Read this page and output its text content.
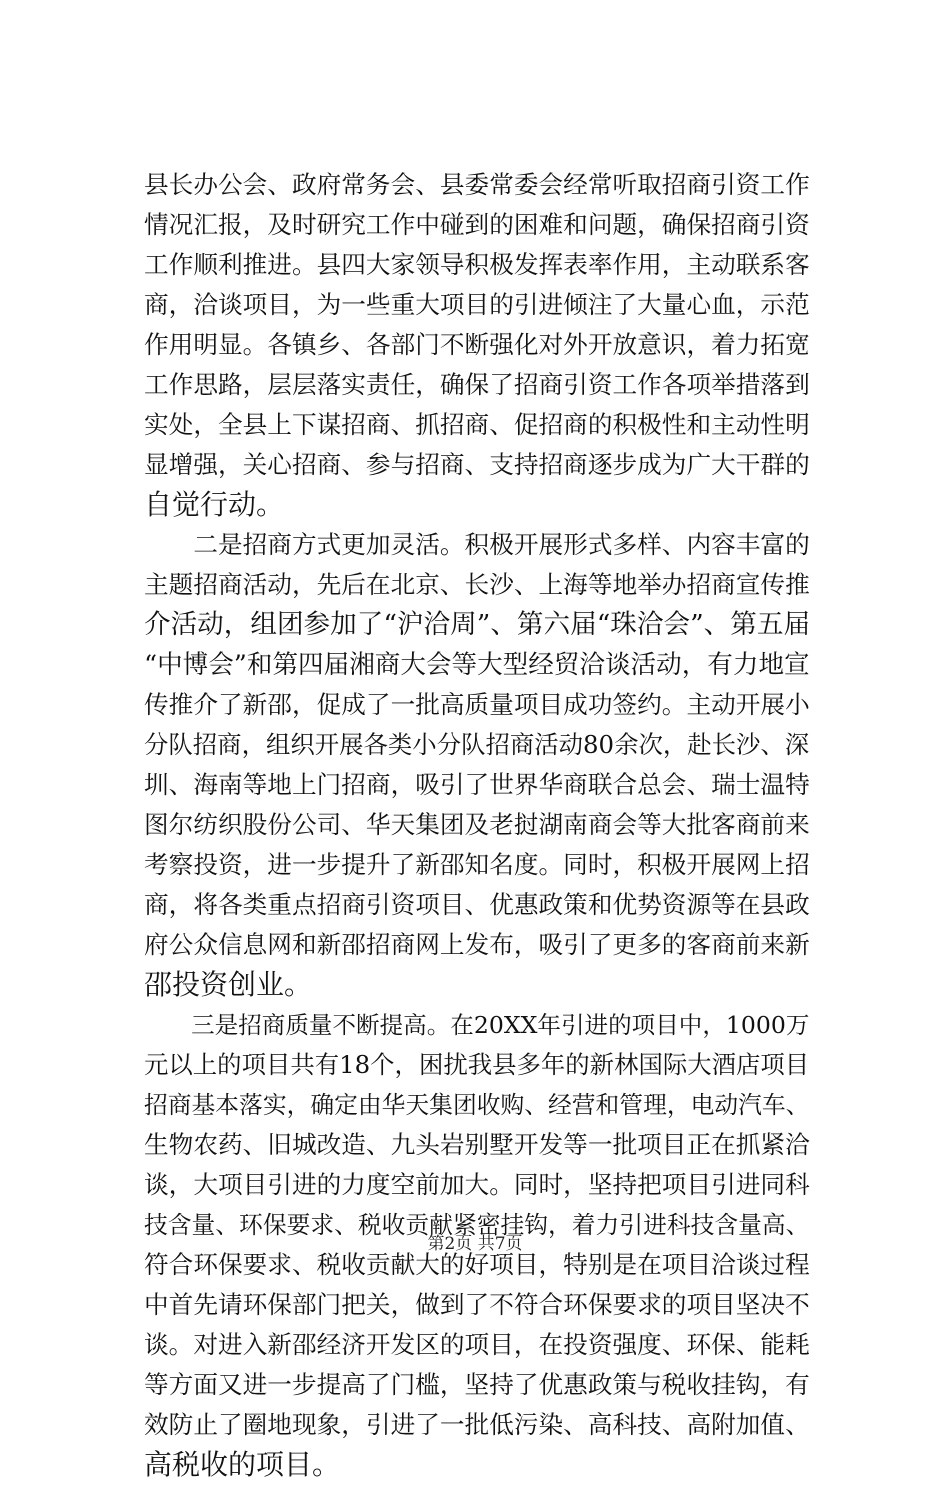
县长办公会、政府常务会、县委常委会经常听取招商引资工作
情况汇报，及时研究工作中碰到的困难和问题，确保招商引资
工作顺利推进。县四大家领导积极发挥表率作用，主动联系客
商，洽谈项目，为一些重大项目的引进倾注了大量心血，示范
作用明显。各镇乡、各部门不断强化对外开放意识，着力拓宽
工作思路，层层落实责任，确保了招商引资工作各项举措落到
实处，全县上下谋招商、抓招商、促招商的积极性和主动性明
显增强，关心招商、参与招商、支持招商逐步成为广大干群的
自觉行动。
　　二是招商方式更加灵活。积极开展形式多样、内容丰富的
主题招商活动，先后在北京、长沙、上海等地举办招商宣传推
介活动，组团参加了“沪洽周”、第六届“珠洽会”、第五届
“中博会”和第四届湘商大会等大型经贸洽谈活动，有力地宣
传推介了新邵，促成了一批高质量项目成功签约。主动开展小
分队招商，组织开展各类小分队招商活动80余次，赴长沙、深
圳、海南等地上门招商，吸引了世界华商联合总会、瑞士温特
图尔纺织股份公司、华天集团及老挝湖南商会等大批客商前来
考察投资，进一步提升了新邵知名度。同时，积极开展网上招
商，将各类重点招商引资项目、优惠政策和优势资源等在县政
府公众信息网和新邵招商网上发布，吸引了更多的客商前来新
邵投资创业。
　　三是招商质量不断提高。在20XX年引进的项目中，1000万
元以上的项目共有18个，困扰我县多年的新林国际大酒店项目
招商基本落实，确定由华天集团收购、经营和管理，电动汽车、
生物农药、旧城改造、九头岩别墅开发等一批项目正在抓紧洽
谈，大项目引进的力度空前加大。同时，坚持把项目引进同科
技含量、环保要求、税收贡献紧密挂钩，着力引进科技含量高、
符合环保要求、税收贡献大的好项目，特别是在项目洽谈过程
中首先请环保部门把关，做到了不符合环保要求的项目坚决不
谈。对进入新邵经济开发区的项目，在投资强度、环保、能耗
等方面又进一步提高了门槛，坚持了优惠政策与税收挂钩，有
效防止了圈地现象，引进了一批低污染、高科技、高附加值、
高税收的项目。
第2页 共7页
